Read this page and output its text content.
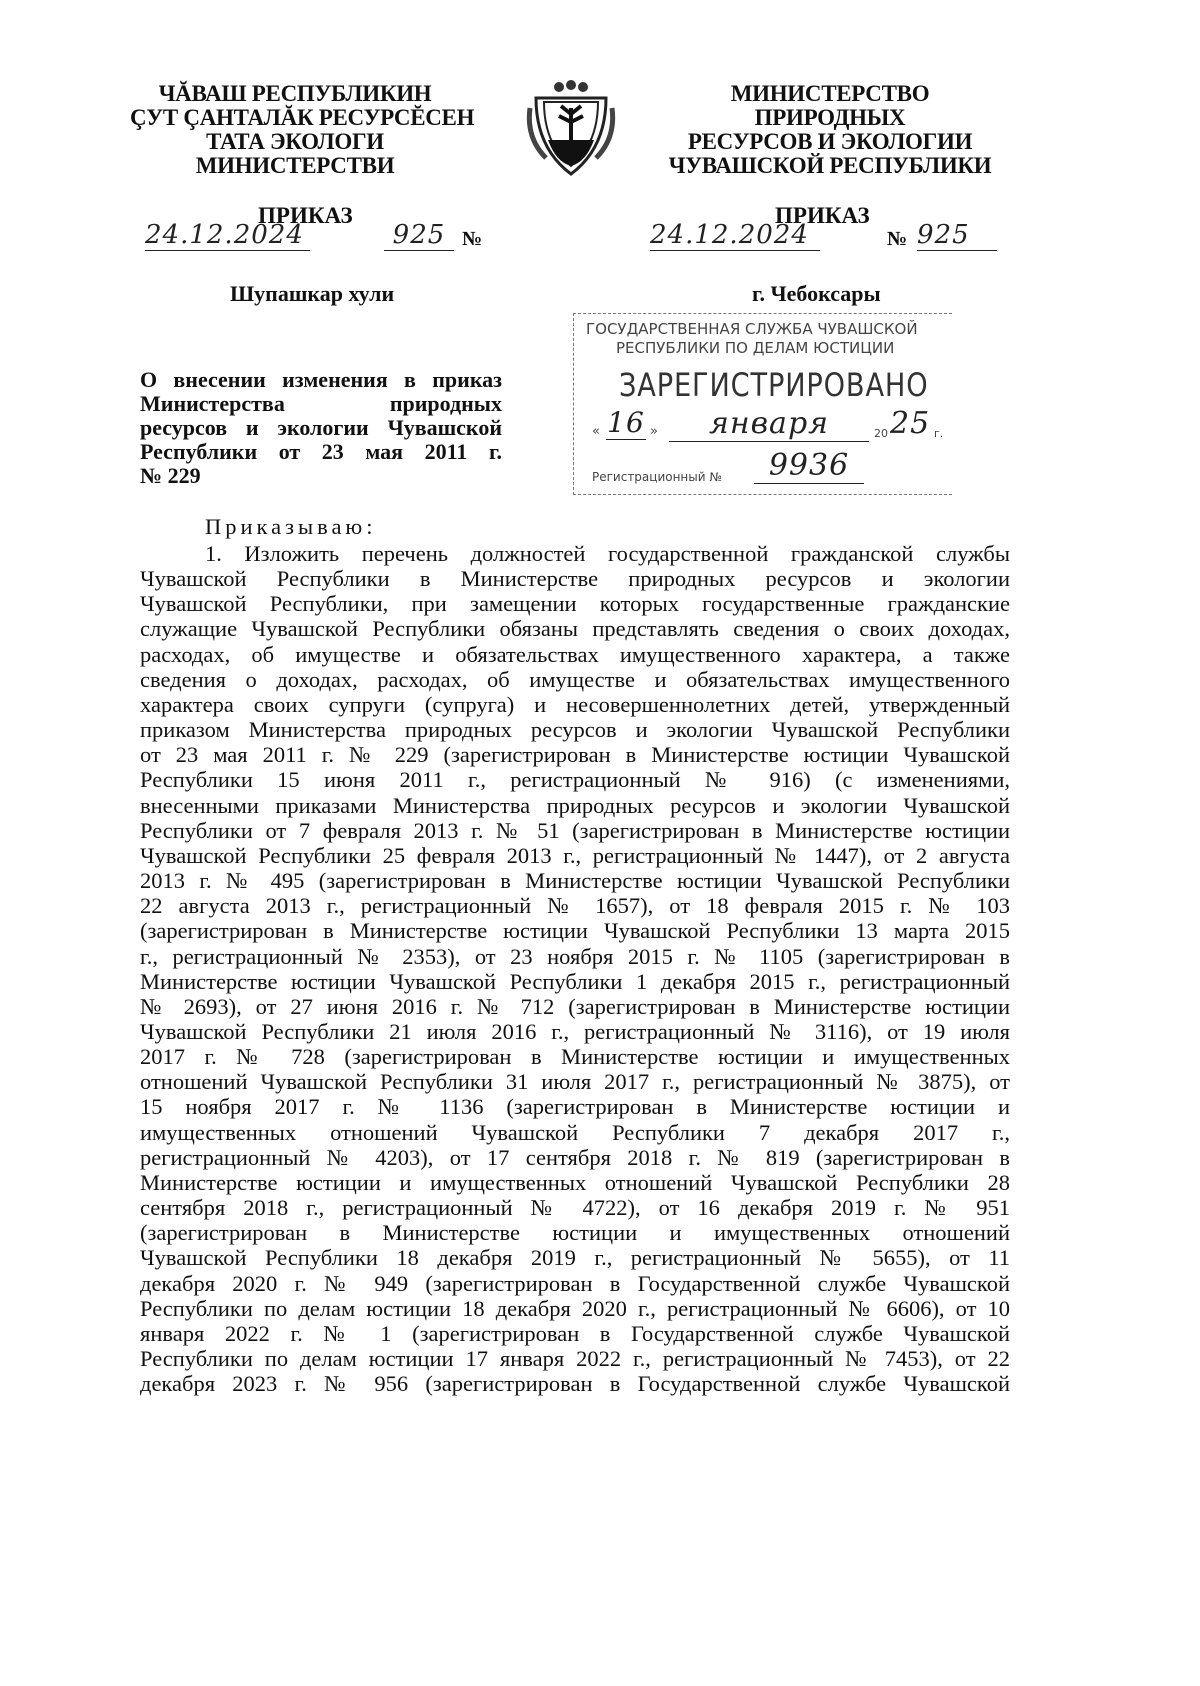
ЧĂВАШ РЕСПУБЛИКИН
ÇУТ ÇАНТАЛĂК РЕСУРCĔСЕН
ТАТА ЭКОЛОГИ
МИНИСТЕРСТВИ
МИНИСТЕРСТВО
ПРИРОДНЫХ
РЕСУРСОВ И ЭКОЛОГИИ
ЧУВАШСКОЙ РЕСПУБЛИКИ
ПРИКАЗ
24.12.2024	925 №
ПРИКАЗ
24.12.2024	№ 925
Шупашкар хули	г. Чебоксары
ГОСУДАРСТВЕННАЯ СЛУЖБА ЧУВАШСКОЙ
РЕСПУБЛИКИ ПО ДЕЛАМ ЮСТИЦИИ
ЗАРЕГИСТРИРОВАНО
« 16 »	января	20 25 г.
Регистрационный №	9936
О внесении изменения в приказ
Министерства природных
ресурсов и экологии Чувашской
Республики от 23 мая 2011 г.
№ 229
Приказываю:
1. Изложить перечень должностей государственной гражданской службы
Чувашской Республики в Министерстве природных ресурсов и экологии
Чувашской Республики, при замещении которых государственные гражданские
служащие Чувашской Республики обязаны представлять сведения о своих доходах,
расходах, об имуществе и обязательствах имущественного характера, а также
сведения о доходах, расходах, об имуществе и обязательствах имущественного
характера своих супруги (супруга) и несовершеннолетних детей, утвержденный
приказом Министерства природных ресурсов и экологии Чувашской Республики
от 23 мая 2011 г. № 229 (зарегистрирован в Министерстве юстиции Чувашской
Республики 15 июня 2011 г., регистрационный № 916) (с изменениями,
внесенными приказами Министерства природных ресурсов и экологии Чувашской
Республики от 7 февраля 2013 г. № 51 (зарегистрирован в Министерстве юстиции
Чувашской Республики 25 февраля 2013 г., регистрационный № 1447), от 2 августа
2013 г. № 495 (зарегистрирован в Министерстве юстиции Чувашской Республики
22 августа 2013 г., регистрационный № 1657), от 18 февраля 2015 г. № 103
(зарегистрирован в Министерстве юстиции Чувашской Республики 13 марта 2015
г., регистрационный № 2353), от 23 ноября 2015 г. № 1105 (зарегистрирован в
Министерстве юстиции Чувашской Республики 1 декабря 2015 г., регистрационный
№ 2693), от 27 июня 2016 г. № 712 (зарегистрирован в Министерстве юстиции
Чувашской Республики 21 июля 2016 г., регистрационный № 3116), от 19 июля
2017 г. № 728 (зарегистрирован в Министерстве юстиции и имущественных
отношений Чувашской Республики 31 июля 2017 г., регистрационный № 3875), от
15 ноября 2017 г. № 1136 (зарегистрирован в Министерстве юстиции и
имущественных отношений Чувашской Республики 7 декабря 2017 г.,
регистрационный № 4203), от 17 сентября 2018 г. № 819 (зарегистрирован в
Министерстве юстиции и имущественных отношений Чувашской Республики 28
сентября 2018 г., регистрационный № 4722), от 16 декабря 2019 г. № 951
(зарегистрирован в Министерстве юстиции и имущественных отношений
Чувашской Республики 18 декабря 2019 г., регистрационный № 5655), от 11
декабря 2020 г. № 949 (зарегистрирован в Государственной службе Чувашской
Республики по делам юстиции 18 декабря 2020 г., регистрационный № 6606), от 10
января 2022 г. № 1 (зарегистрирован в Государственной службе Чувашской
Республики по делам юстиции 17 января 2022 г., регистрационный № 7453), от 22
декабря 2023 г. № 956 (зарегистрирован в Государственной службе Чувашской
